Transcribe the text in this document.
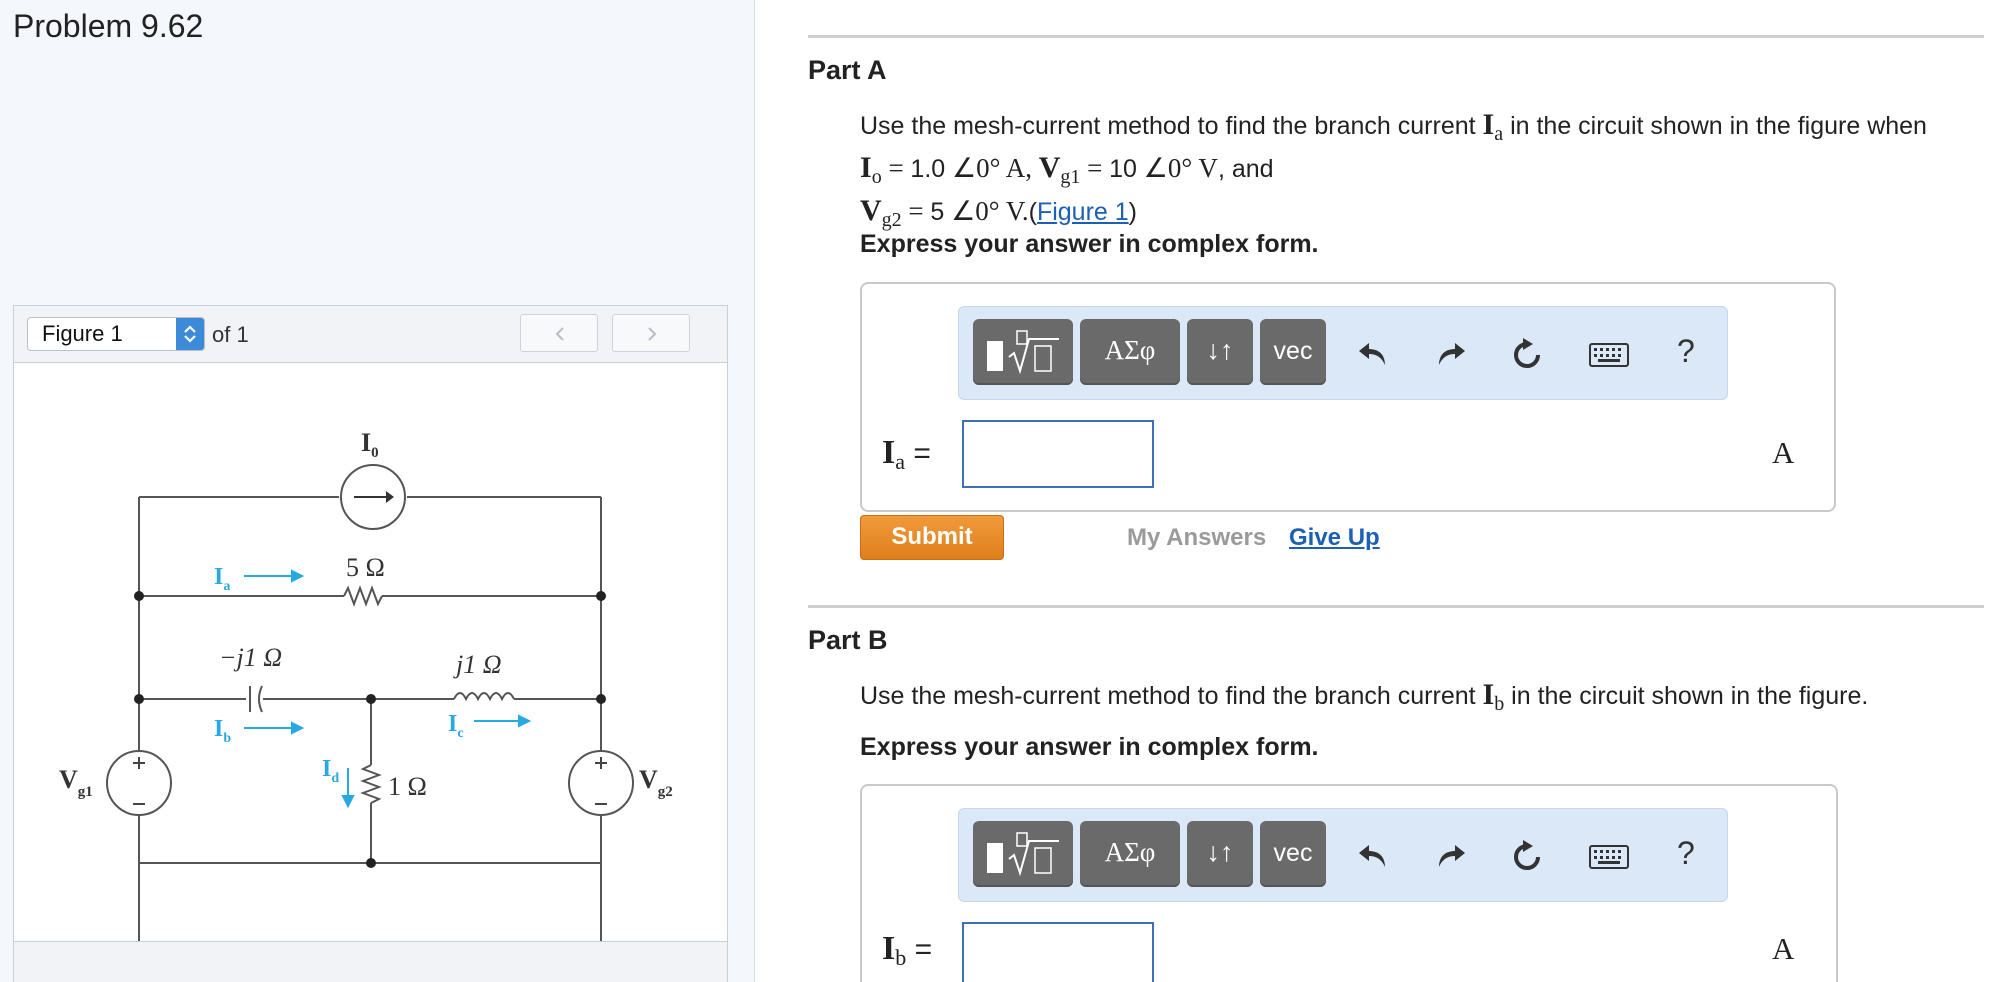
Problem 9.62
Figure 1	of 1
$I_0$
5 Ω
−j1 Ω	j1 Ω
1 Ω
$V_{g1}$	$V_{g2}$
$I_a$
$I_b$
$I_c$
$I_d$
Part A
Use the mesh-current method to find the branch current $I_a$ in the circuit shown in the figure when
$I_o = 1.0$ ∠0° A, $V_{g1} = 10$ ∠0° V, and
$V_{g2} = 5$ ∠0° V.(Figure 1)
Express your answer in complex form.
ΑΣφ	↓↑	vec	?
$I_a$ =	A
Submit	My Answers Give Up
Part B
Use the mesh-current method to find the branch current $I_b$ in the circuit shown in the figure.
Express your answer in complex form.
ΑΣφ	↓↑	vec	?
$I_b$ =	A
